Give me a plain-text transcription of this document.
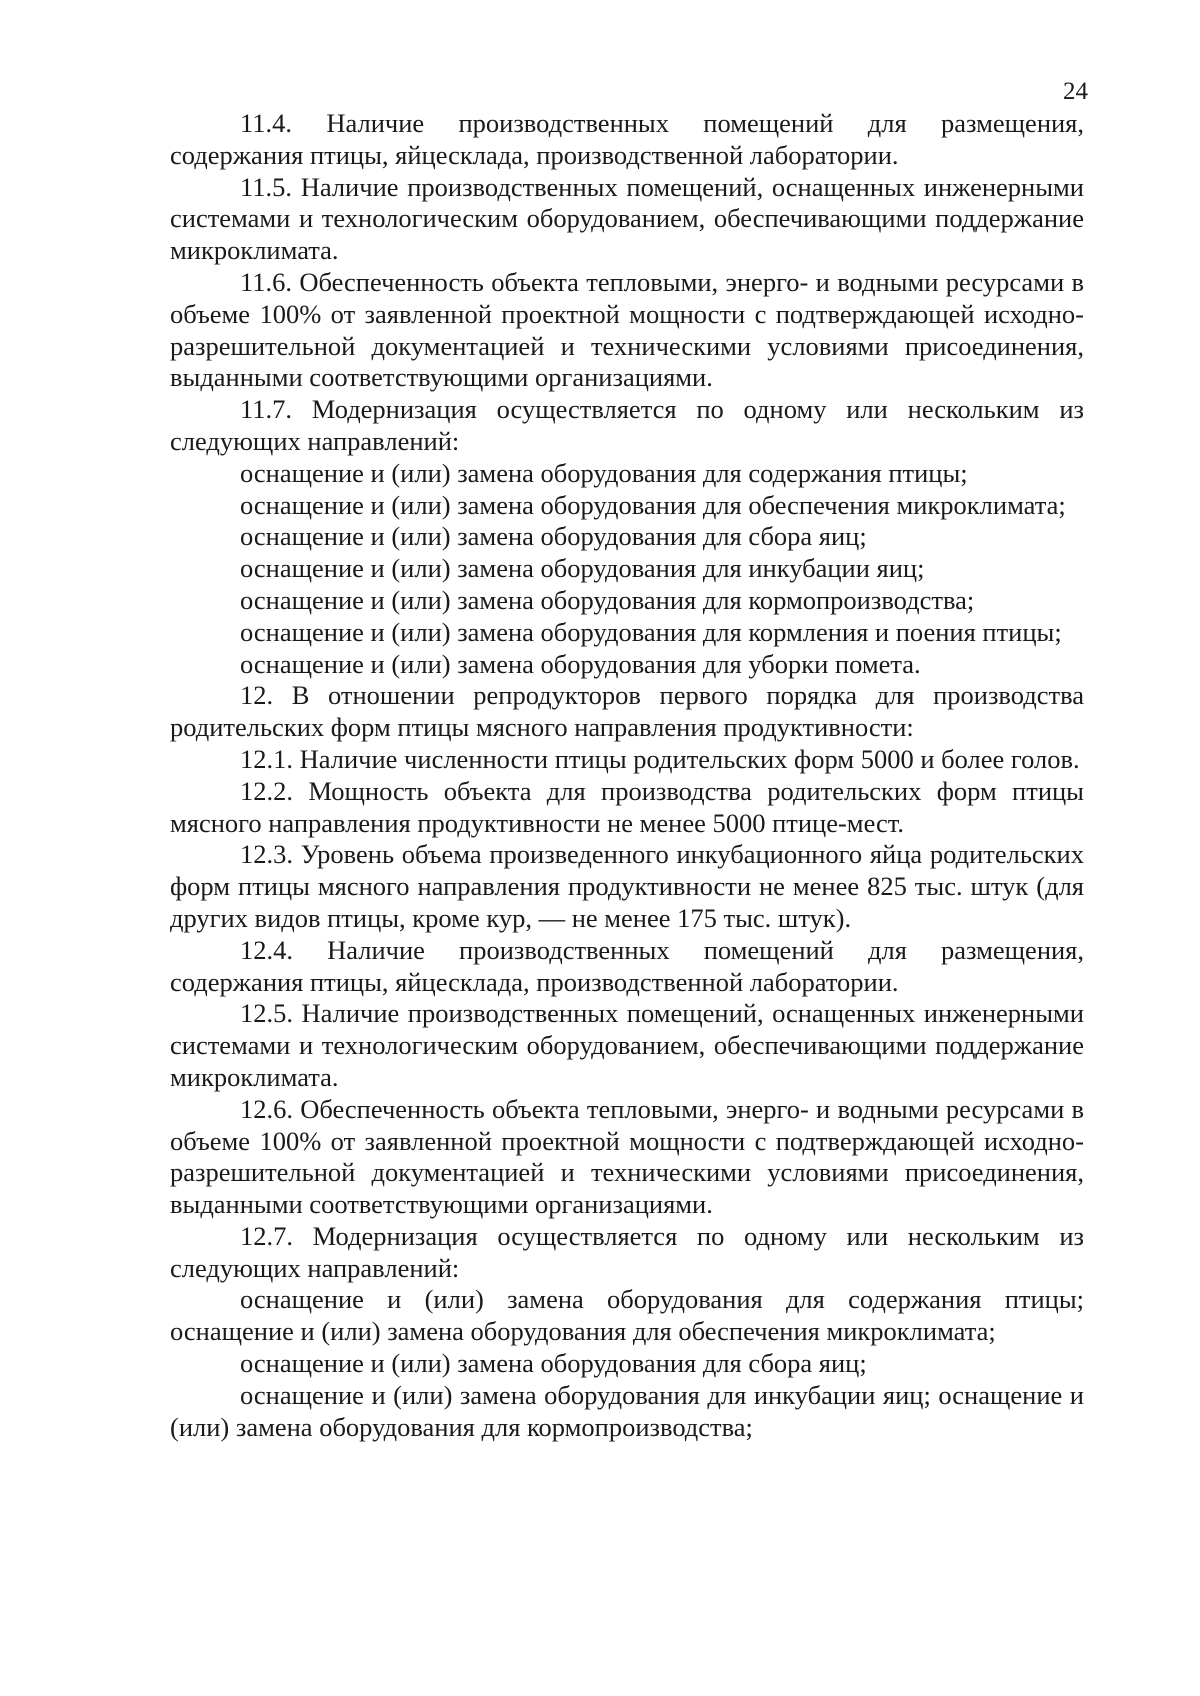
24

11.4. Наличие производственных помещений для размещения, содержания птицы, яйцесклада, производственной лаборатории.

11.5. Наличие производственных помещений, оснащенных инженерными системами и технологическим оборудованием, обеспечивающими поддержание микроклимата.

11.6. Обеспеченность объекта тепловыми, энерго- и водными ресурсами в объеме 100% от заявленной проектной мощности с подтверждающей исходно-разрешительной документацией и техническими условиями присоединения, выданными соответствующими организациями.

11.7. Модернизация осуществляется по одному или нескольким из следующих направлений:

оснащение и (или) замена оборудования для содержания птицы;

оснащение и (или) замена оборудования для обеспечения микроклимата;

оснащение и (или) замена оборудования для сбора яиц;

оснащение и (или) замена оборудования для инкубации яиц;

оснащение и (или) замена оборудования для кормопроизводства;

оснащение и (или) замена оборудования для кормления и поения птицы;

оснащение и (или) замена оборудования для уборки помета.

12. В отношении репродукторов первого порядка для производства родительских форм птицы мясного направления продуктивности:

12.1. Наличие численности птицы родительских форм 5000 и более голов.

12.2. Мощность объекта для производства родительских форм птицы мясного направления продуктивности не менее 5000 птице-мест.

12.3. Уровень объема произведенного инкубационного яйца родительских форм птицы мясного направления продуктивности не менее 825 тыс. штук (для других видов птицы, кроме кур, — не менее 175 тыс. штук).

12.4. Наличие производственных помещений для размещения, содержания птицы, яйцесклада, производственной лаборатории.

12.5. Наличие производственных помещений, оснащенных инженерными системами и технологическим оборудованием, обеспечивающими поддержание микроклимата.

12.6. Обеспеченность объекта тепловыми, энерго- и водными ресурсами в объеме 100% от заявленной проектной мощности с подтверждающей исходно-разрешительной документацией и техническими условиями присоединения, выданными соответствующими организациями.

12.7. Модернизация осуществляется по одному или нескольким из следующих направлений:

оснащение и (или) замена оборудования для содержания птицы; оснащение и (или) замена оборудования для обеспечения микроклимата;

оснащение и (или) замена оборудования для сбора яиц;

оснащение и (или) замена оборудования для инкубации яиц; оснащение и (или) замена оборудования для кормопроизводства;
